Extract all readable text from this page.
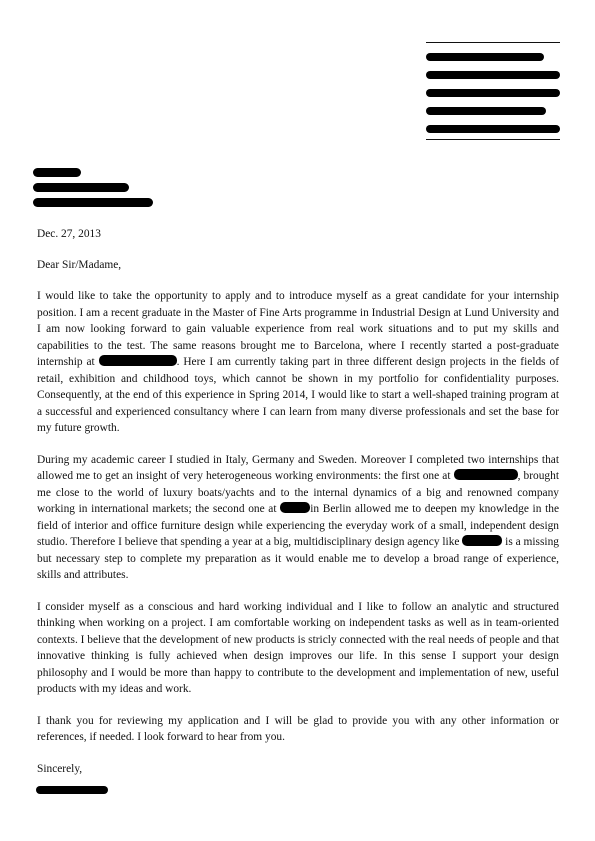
Dec. 27, 2013

Dear Sir/Madame,

I would like to take the opportunity to apply and to introduce myself as a great candidate for your internship position. I am a recent graduate in the Master of Fine Arts programme in Industrial Design at Lund University and I am now looking forward to gain valuable experience from real work situations and to put my skills and capabilities to the test. The same reasons brought me to Barcelona, where I recently started a post-graduate internship at	. Here I am currently taking part in three different design projects in the fields of retail, exhibition and childhood toys, which cannot be shown in my portfolio for confidentiality purposes. Consequently, at the end of this experience in Spring 2014, I would like to start a well-shaped training program at a successful and experienced consultancy where I can learn from many diverse professionals and set the base for my future growth.

During my academic career I studied in Italy, Germany and Sweden. Moreover I completed two internships that allowed me to get an insight of very heterogeneous working environments: the first one at	, brought me close to the world of luxury boats/yachts and to the internal dynamics of a big and renowned company working in international markets; the second one at	in Berlin allowed me to deepen my knowledge in the field of interior and office furniture design while experiencing the everyday work of a small, independent design studio. Therefore I believe that spending a year at a big, multidisciplinary design agency like	is a missing but necessary step to complete my preparation as it would enable me to develop a broad range of experience, skills and attributes.

I consider myself as a conscious and hard working individual and I like to follow an analytic and structured thinking when working on a project. I am comfortable working on independent tasks as well as in team-oriented contexts. I believe that the development of new products is stricly connected with the real needs of people and that innovative thinking is fully achieved when design improves our life. In this sense I support your design philosophy and I would be more than happy to contribute to the development and implementation of new, useful products with my ideas and work.

I thank you for reviewing my application and I will be glad to provide you with any other information or references, if needed. I look forward to hear from you.

Sincerely,
